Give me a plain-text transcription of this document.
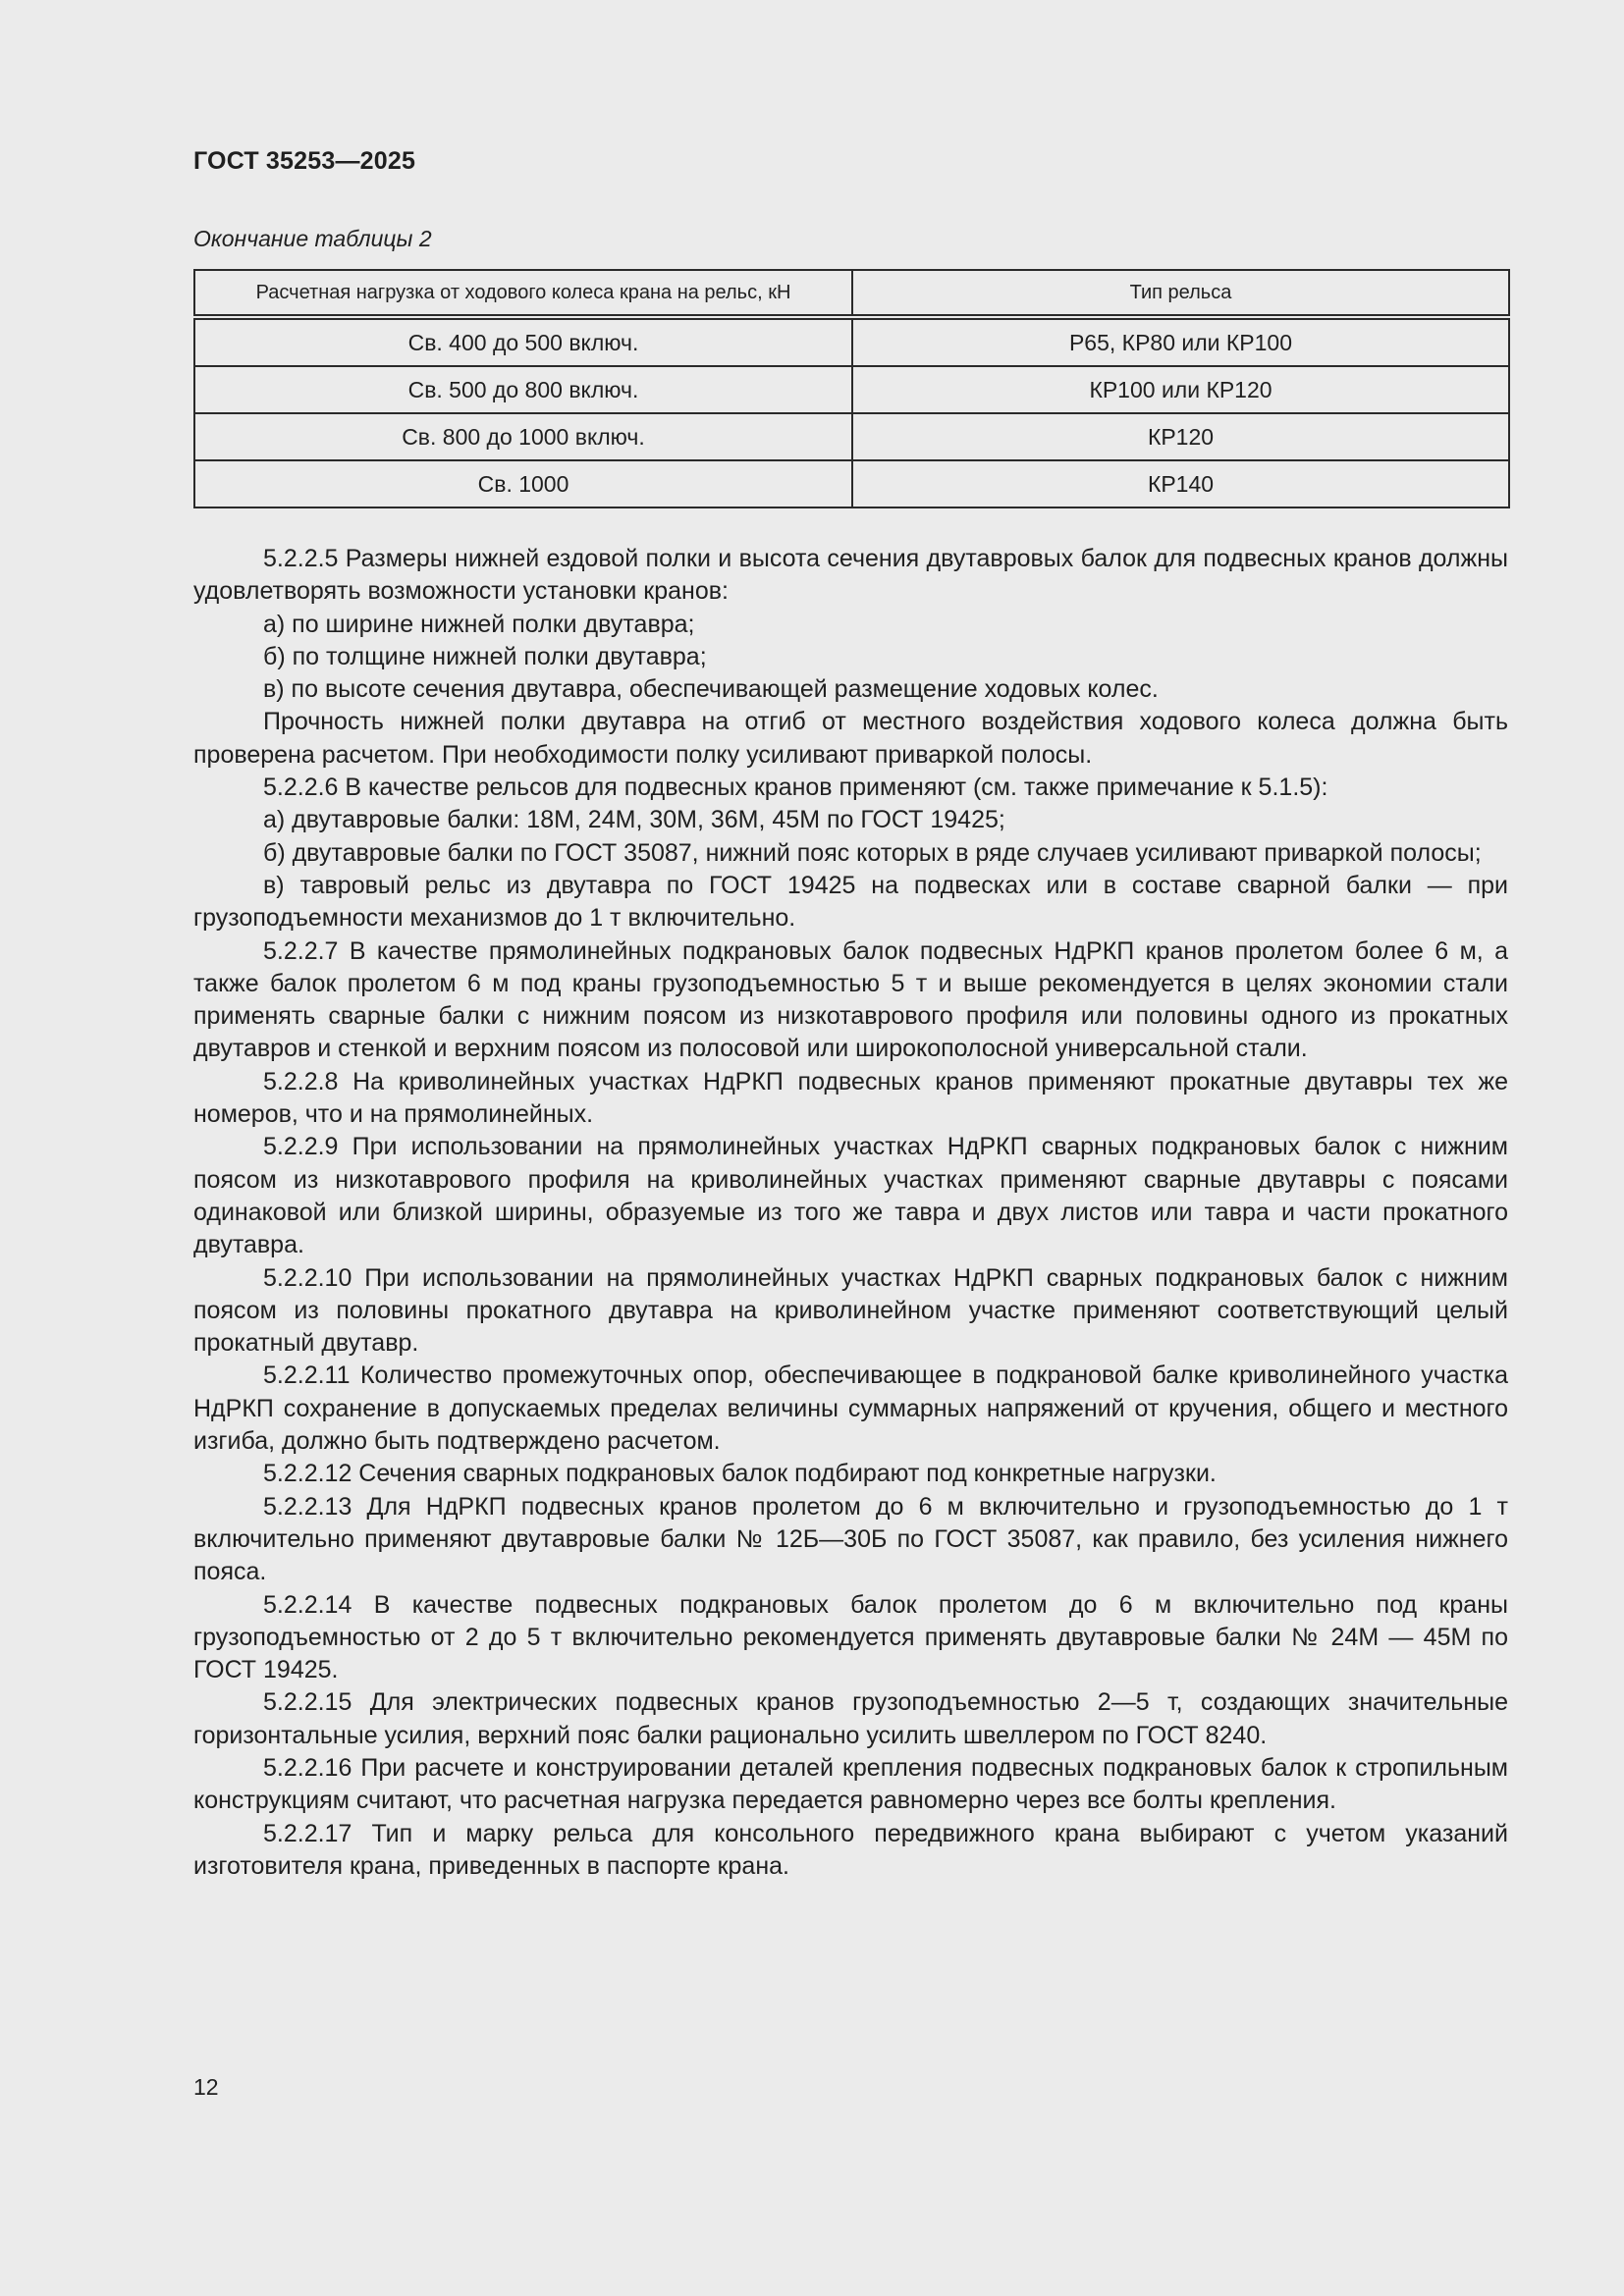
ГОСТ 35253—2025
Окончание таблицы 2
Расчетная нагрузка от ходового колеса крана на рельс, кН	Тип рельса
Св. 400 до 500 включ.	Р65, КР80 или КР100
Св. 500 до 800 включ.	КР100 или КР120
Св. 800 до 1000 включ.	КР120
Св. 1000	КР140

5.2.2.5 Размеры нижней ездовой полки и высота сечения двутавровых балок для подвесных кранов должны удовлетворять возможности установки кранов:

а) по ширине нижней полки двутавра;

б) по толщине нижней полки двутавра;

в) по высоте сечения двутавра, обеспечивающей размещение ходовых колес.

Прочность нижней полки двутавра на отгиб от местного воздействия ходового колеса должна быть проверена расчетом. При необходимости полку усиливают приваркой полосы.

5.2.2.6 В качестве рельсов для подвесных кранов применяют (см. также примечание к 5.1.5):

а) двутавровые балки: 18М, 24М, 30М, 36М, 45М по ГОСТ 19425;

б) двутавровые балки по ГОСТ 35087, нижний пояс которых в ряде случаев усиливают приваркой полосы;

в) тавровый рельс из двутавра по ГОСТ 19425 на подвесках или в составе сварной балки — при грузоподъемности механизмов до 1 т включительно.

5.2.2.7 В качестве прямолинейных подкрановых балок подвесных НдРКП кранов пролетом более 6 м, а также балок пролетом 6 м под краны грузоподъемностью 5 т и выше рекомендуется в целях экономии стали применять сварные балки с нижним поясом из низкотаврового профиля или половины одного из прокатных двутавров и стенкой и верхним поясом из полосовой или широкополосной универсальной стали.

5.2.2.8 На криволинейных участках НдРКП подвесных кранов применяют прокатные двутавры тех же номеров, что и на прямолинейных.

5.2.2.9 При использовании на прямолинейных участках НдРКП сварных подкрановых балок с нижним поясом из низкотаврового профиля на криволинейных участках применяют сварные двутавры с поясами одинаковой или близкой ширины, образуемые из того же тавра и двух листов или тавра и части прокатного двутавра.

5.2.2.10 При использовании на прямолинейных участках НдРКП сварных подкрановых балок с нижним поясом из половины прокатного двутавра на криволинейном участке применяют соответствующий целый прокатный двутавр.

5.2.2.11 Количество промежуточных опор, обеспечивающее в подкрановой балке криволинейного участка НдРКП сохранение в допускаемых пределах величины суммарных напряжений от кручения, общего и местного изгиба, должно быть подтверждено расчетом.

5.2.2.12 Сечения сварных подкрановых балок подбирают под конкретные нагрузки.

5.2.2.13 Для НдРКП подвесных кранов пролетом до 6 м включительно и грузоподъемностью до 1 т включительно применяют двутавровые балки № 12Б—30Б по ГОСТ 35087, как правило, без усиления нижнего пояса.

5.2.2.14 В качестве подвесных подкрановых балок пролетом до 6 м включительно под краны грузоподъемностью от 2 до 5 т включительно рекомендуется применять двутавровые балки № 24М — 45М по ГОСТ 19425.

5.2.2.15 Для электрических подвесных кранов грузоподъемностью 2—5 т, создающих значительные горизонтальные усилия, верхний пояс балки рационально усилить швеллером по ГОСТ 8240.

5.2.2.16 При расчете и конструировании деталей крепления подвесных подкрановых балок к стропильным конструкциям считают, что расчетная нагрузка передается равномерно через все болты крепления.

5.2.2.17 Тип и марку рельса для консольного передвижного крана выбирают с учетом указаний изготовителя крана, приведенных в паспорте крана.

12
